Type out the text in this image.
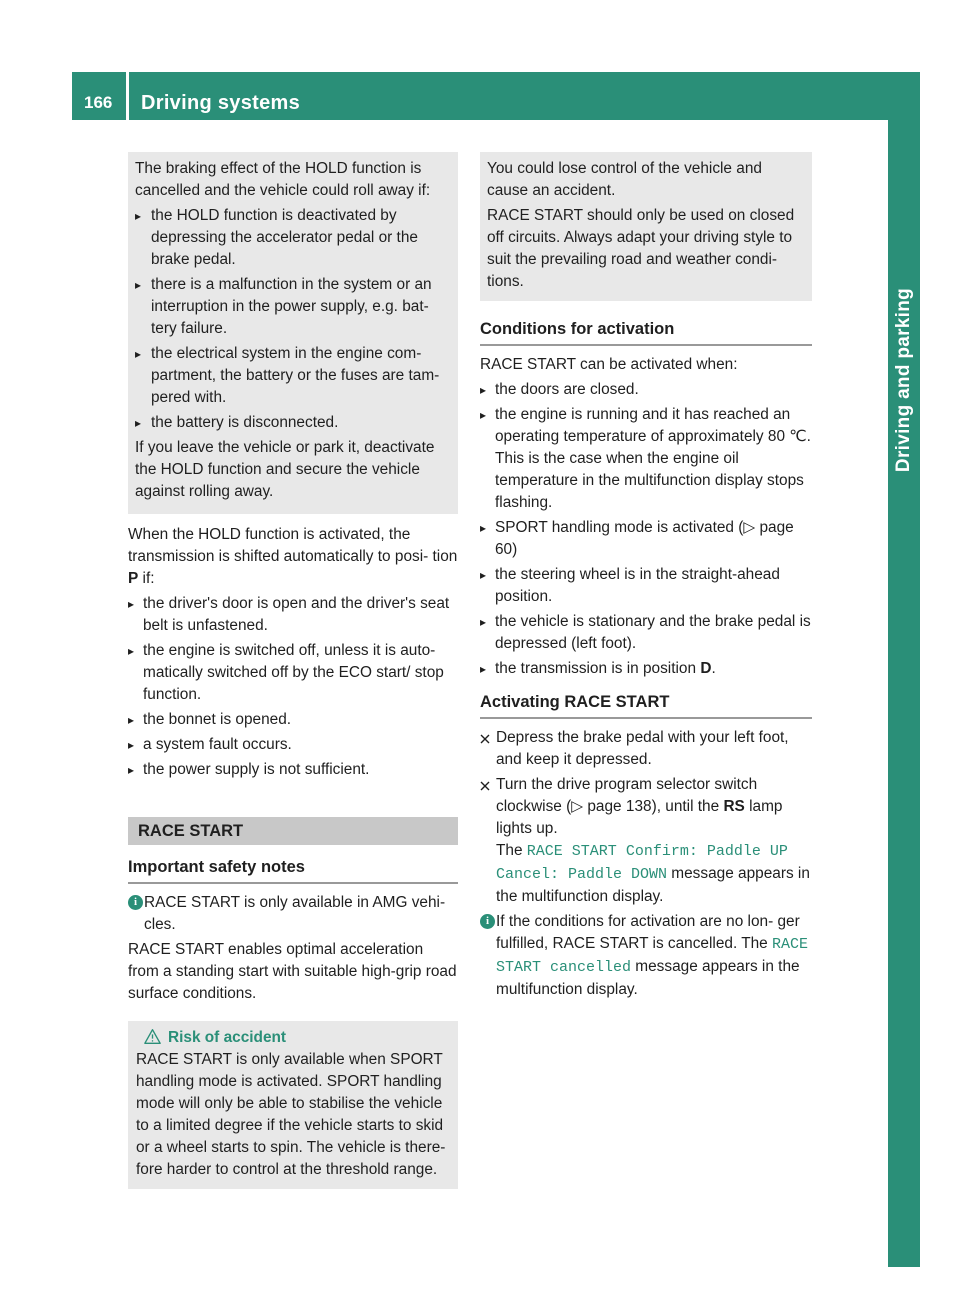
166	Driving systems
Driving and parking

The braking effect of the HOLD function is cancelled and the vehicle could roll away if:

▸ the HOLD function is deactivated by depressing the accelerator pedal or the brake pedal.
▸ there is a malfunction in the system or an interruption in the power supply, e.g. bat- tery failure.
▸ the electrical system in the engine com- partment, the battery or the fuses are tam- pered with.
▸ the battery is disconnected.

If you leave the vehicle or park it, deactivate the HOLD function and secure the vehicle against rolling away.

When the HOLD function is activated, the transmission is shifted automatically to posi- tion P if:

▸ the driver's door is open and the driver's seat belt is unfastened.
▸ the engine is switched off, unless it is auto- matically switched off by the ECO start/ stop function.
▸ the bonnet is opened.
▸ a system fault occurs.
▸ the power supply is not sufficient.
RACE START
Important safety notes
i RACE START is only available in AMG vehi- cles.

RACE START enables optimal acceleration from a standing start with suitable high-grip road surface conditions.

Risk of accident

RACE START is only available when SPORT handling mode is activated. SPORT handling mode will only be able to stabilise the vehicle to a limited degree if the vehicle starts to skid or a wheel starts to spin. The vehicle is there- fore harder to control at the threshold range.

You could lose control of the vehicle and cause an accident.

RACE START should only be used on closed off circuits. Always adapt your driving style to suit the prevailing road and weather condi- tions.

Conditions for activation

RACE START can be activated when:

▸ the doors are closed.
▸ the engine is running and it has reached an operating temperature of approximately 80 ℃. This is the case when the engine oil temperature in the multifunction display stops flashing.
▸ SPORT handling mode is activated (▷ page 60)
▸ the steering wheel is in the straight-ahead position.
▸ the vehicle is stationary and the brake pedal is depressed (left foot).
▸ the transmission is in position D.
Activating RACE START
Depress the brake pedal with your left foot, and keep it depressed.
Turn the drive program selector switch clockwise (▷ page 138), until the RS lamp lights up.
The RACE START Confirm: Paddle UP
Cancel: Paddle DOWN message appears in the multifunction display.
i If the conditions for activation are no lon- ger fulfilled, RACE START is cancelled. The RACE START cancelled message appears in the multifunction display.
